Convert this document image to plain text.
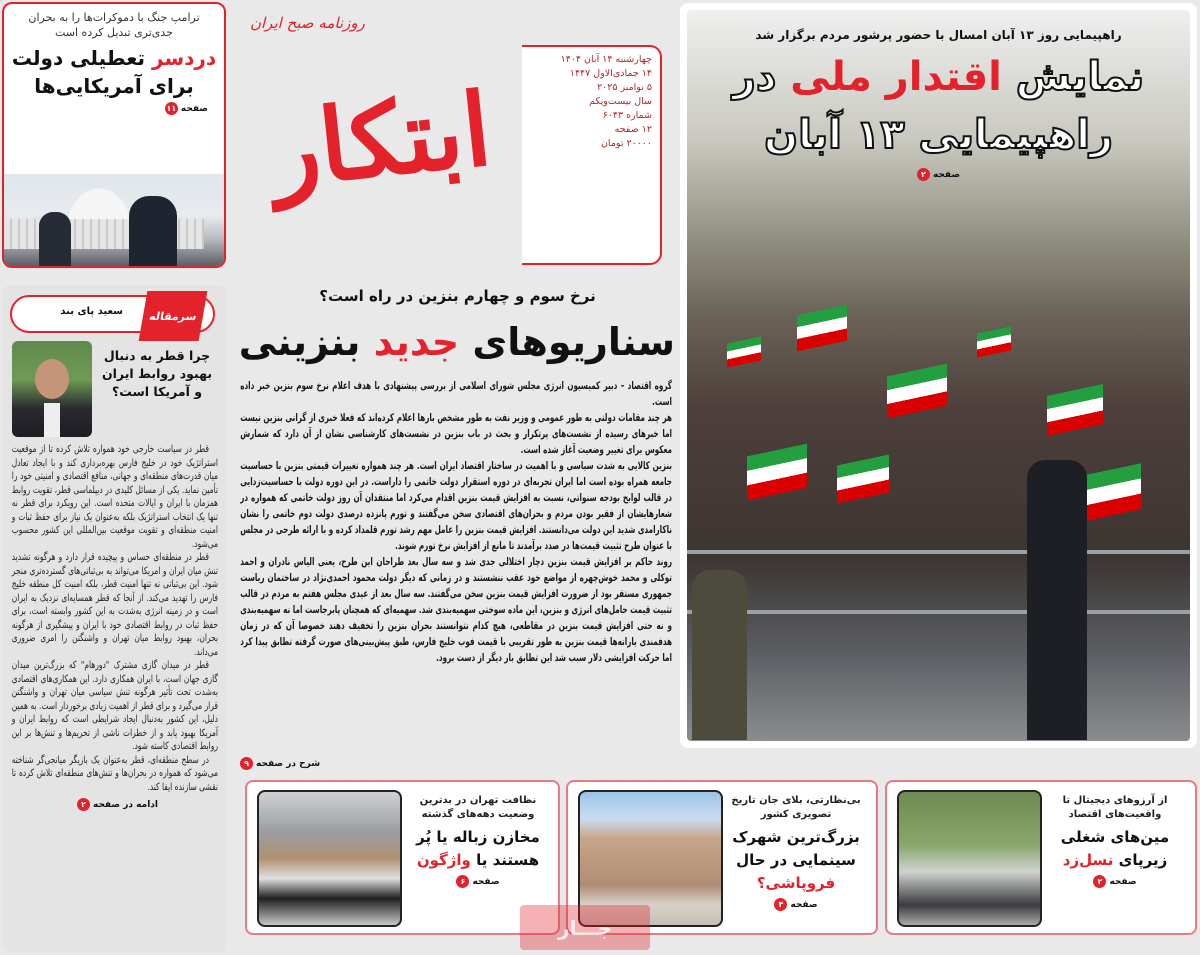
ترامپ جنگ با دموکرات‌ها را به بحران جدی‌تری تبدیل کرده است
دردسر تعطیلی دولت برای آمریکایی‌ها
صفحه
۱۱
روزنامه صبح ایران
ابتکار
چهارشنبه ۱۴ آبان ۱۴۰۴
۱۴ جمادی‌الاول ۱۴۴۷
۵ نوامبر ۲۰۲۵
سال بیست‌ویکم
شماره ۶۰۴۳
۱۲ صفحه
۲۰۰۰۰ تومان
نرخ سوم و چهارم بنزین در راه است؟
سناریوهای جدید بنزینی

گروه اقتصاد – دبیر کمیسیون انرژی مجلس شورای اسلامی از بررسی پیشنهادی با هدف اعلام نرخ سوم بنزین خبر داده است.

هر چند مقامات دولتی به طور عمومی و وزیر نفت به طور مشخص بارها اعلام کرده‌اند که فعلا خبری از گرانی بنزین نیست اما خبرهای رسیده از نشست‌های پرتکرار و بحث در باب بنزین در نشست‌های کارشناسی نشان از آن دارد که شمارش معکوس برای تغییر وضعیت آغاز شده است.

بنزین کالایی به شدت سیاسی و با اهمیت در ساختار اقتصاد ایران است. هر چند همواره تغییرات قیمتی بنزین با حساسیت جامعه همراه بوده است اما ایران تجربه‌ای در دوره استقرار دولت خاتمی را داراست. در این دوره دولت با حساسیت‌زدایی در قالب لوایح بودجه سنواتی، نسبت به افزایش قیمت بنزین اقدام می‌کرد اما منتقدان آن روز دولت خاتمی که همواره در شعارهایشان از فقیر بودن مردم و بحران‌های اقتصادی سخن می‌گفتند و تورم پانزده درصدی دولت دوم خاتمی را نشان ناکارامدی شدید این دولت می‌دانستند. افزایش قیمت بنزین را عامل مهم رشد تورم قلمداد کرده و با ارائه طرحی در مجلس با عنوان طرح تثبیت قیمت‌ها در صدد برآمدند تا مانع از افزایش نرخ تورم شوند.

روند حاکم بر افزایش قیمت بنزین دچار اختلالی جدی شد و سه سال بعد طراحان این طرح، یعنی الیاس نادران و احمد توکلی و محمد خوش‌چهره از مواضع خود عقب ننشستند و در زمانی که دیگر دولت محمود احمدی‌نژاد در ساختمان ریاست جمهوری مستقر بود از ضرورت افزایش قیمت بنزین سخن می‌گفتند. سه سال بعد از عیدی مجلس هفتم به مردم در قالب تثبیت قیمت حامل‌های انرژی و بنزین، این ماده سوختی سهمیه‌بندی شد. سهمیه‌ای که همچنان پابرجاست اما نه سهمیه‌بندی و نه حتی افزایش قیمت بنزین در مقاطعی، هیچ کدام نتوانستند بحران بنزین را تخفیف دهند خصوصا آن که در زمان هدفمندی یارانه‌ها قیمت بنزین به طور تقریبی با قیمت فوب خلیج فارس، طبق پیش‌بینی‌های صورت گرفته تطابق پیدا کرد اما حرکت افزایشی دلار سبب شد این تطابق بار دیگر از دست برود.

شرح در صفحه
۹
راهپیمایی روز ۱۳ آبان امسال با حضور پرشور مردم برگزار شد
نمایش اقتدار ملی در راهپیمایی ۱۳ آبان
صفحه
۲
سعید پای بند	سرمقاله
چرا قطر به دنبال بهبود روابط ایران و آمریکا است؟

قطر در سیاست خارجی خود همواره تلاش کرده تا از موقعیت استراتژیک خود در خلیج فارس بهره‌برداری کند و با ایجاد تعادل میان قدرت‌های منطقه‌ای و جهانی، منافع اقتصادی و امنیتی خود را تأمین نماید. یکی از مسائل کلیدی در دیپلماسی قطر، تقویت روابط همزمان با ایران و ایالات متحده است. این رویکرد برای قطر نه تنها یک انتخاب استراتژیک بلکه به‌عنوان یک نیاز برای حفظ ثبات و امنیت منطقه‌ای و تقویت موقعیت بین‌المللی این کشور محسوب می‌شود.

قطر در منطقه‌ای حساس و پیچیده قرار دارد و هرگونه تشدید تنش میان ایران و امریکا می‌تواند به بی‌ثباتی‌های گسترده‌تری منجر شود. این بی‌ثباتی نه تنها امنیت قطر، بلکه امنیت کل منطقه خلیج فارس را تهدید می‌کند. از آنجا که قطر همسایه‌ای نزدیک به ایران است و در زمینه انرژی به‌شدت به این کشور وابسته است، برای حفظ ثبات در روابط اقتصادی خود با ایران و پیشگیری از هرگونه بحران، بهبود روابط میان تهران و واشنگتن را امری ضروری می‌داند.

قطر در میدان گازی مشترک "دورهام" که بزرگ‌ترین میدان گازی جهان است، با ایران همکاری دارد. این همکاری‌های اقتصادی به‌شدت تحت تأثیر هرگونه تنش سیاسی میان تهران و واشنگتن قرار می‌گیرد و برای قطر از اهمیت زیادی برخوردار است. به همین دلیل، این کشور به‌دنبال ایجاد شرایطی است که روابط ایران و آمریکا بهبود یابد و از خطرات ناشی از تحریم‌ها و تنش‌ها بر این روابط اقتصادی کاسته شود.

در سطح منطقه‌ای، قطر به‌عنوان یک بازیگر میانجی‌گر شناخته می‌شود که همواره در بحران‌ها و تنش‌های منطقه‌ای تلاش کرده تا نقشی سازنده ایفا کند.

ادامه در صفحه
۲	از آرزوهای دیجیتال تا واقعیت‌های اقتصاد
مین‌های شغلی زیرپای نسل‌زد
صفحه
۲
بی‌نظارتی، بلای جان تاریخ تصویری کشور
بزرگ‌ترین شهرک سینمایی در حال فروپاشی؟
صفحه
۴
نظافت تهران در بدترین وضعیت دهه‌های گذشته
مخازن زباله یا پُر هستند یا واژگون
صفحه
۶
جـــار
